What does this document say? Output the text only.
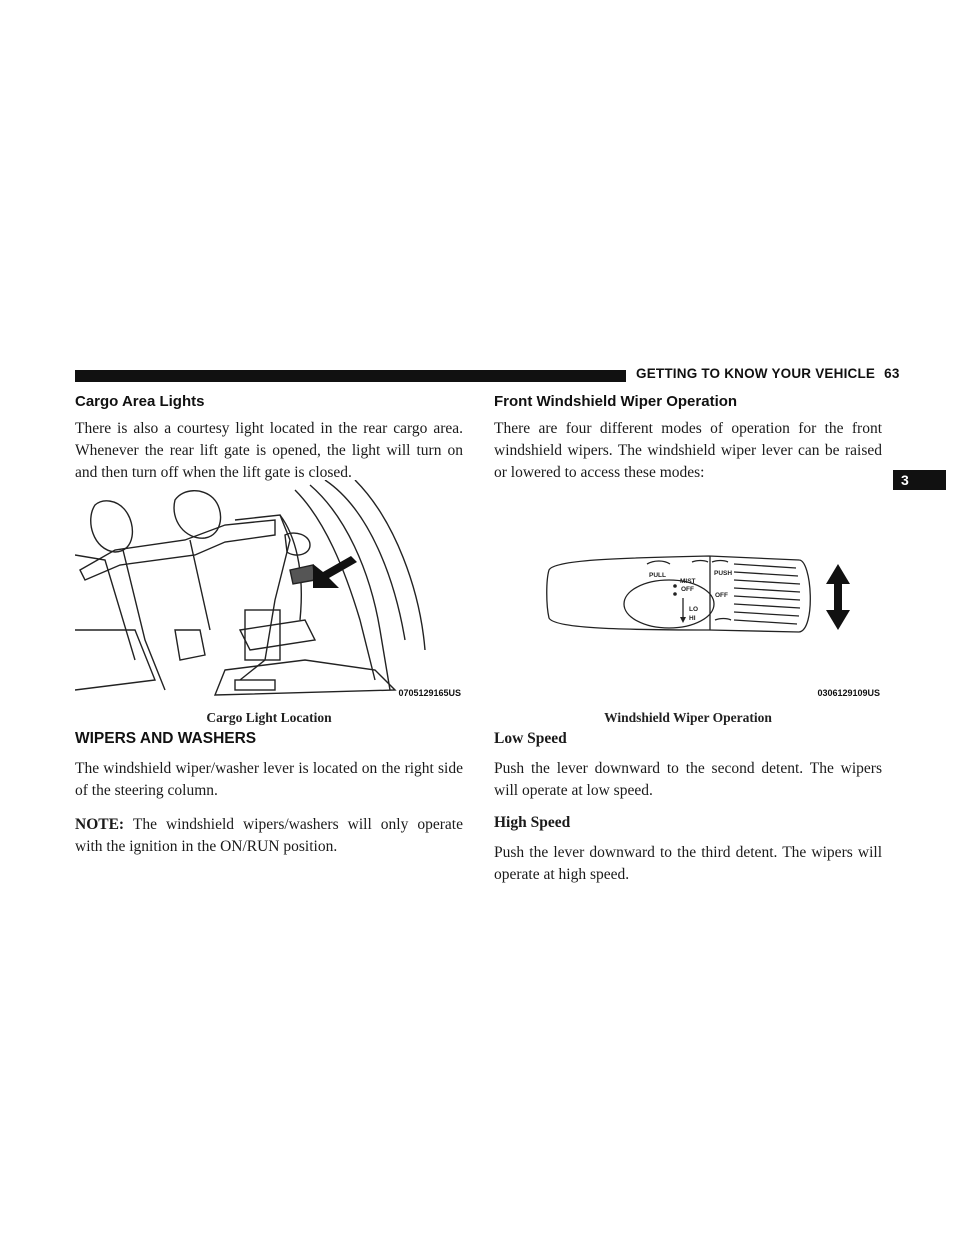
GETTING TO KNOW YOUR VEHICLE 63
3
Cargo Area Lights

There is also a courtesy light located in the rear cargo area. Whenever the rear lift gate is opened, the light will turn on and then turn off when the lift gate is closed.

0705129165US
Cargo Light Location
WIPERS AND WASHERS

The windshield wiper/washer lever is located on the right side of the steering column.

NOTE: The windshield wipers/washers will only operate with the ignition in the ON/RUN position.

Front Windshield Wiper Operation

There are four different modes of operation for the front windshield wipers. The windshield wiper lever can be raised or lowered to access these modes:

PULL
MIST
OFF
LO
HI
PUSH
OFF
0306129109US
Windshield Wiper Operation

Low Speed

Push the lever downward to the second detent. The wipers will operate at low speed.

High Speed

Push the lever downward to the third detent. The wipers will operate at high speed.
